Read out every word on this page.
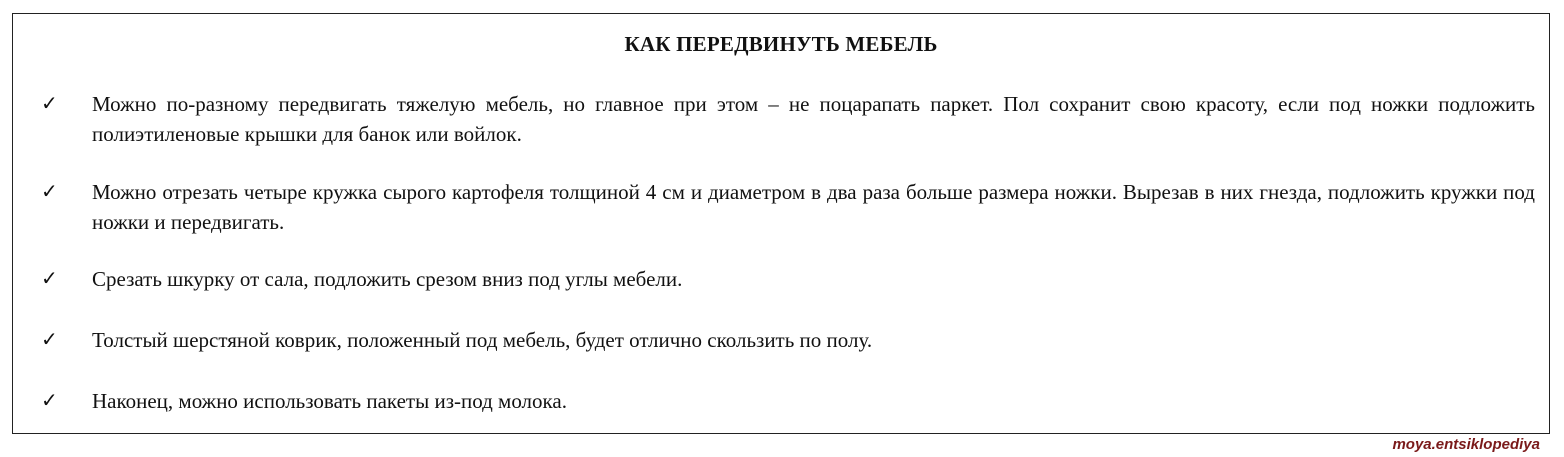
КАК ПЕРЕДВИНУТЬ МЕБЕЛЬ
✓	Можно по-разному передвигать тяжелую мебель, но главное при этом – не поцарапать паркет. Пол сохранит свою красоту, если под ножки подложить полиэтиленовые крышки для банок или войлок.
✓	Можно отрезать четыре кружка сырого картофеля толщиной 4 см и диаметром в два раза больше размера ножки. Вырезав в них гнезда, подложить кружки под ножки и передвигать.
✓	Срезать шкурку от сала, подложить срезом вниз под углы мебели.
✓	Толстый шерстяной коврик, положенный под мебель, будет отлично скользить по полу.
✓	Наконец, можно использовать пакеты из-под молока.
moya.entsiklopediya
